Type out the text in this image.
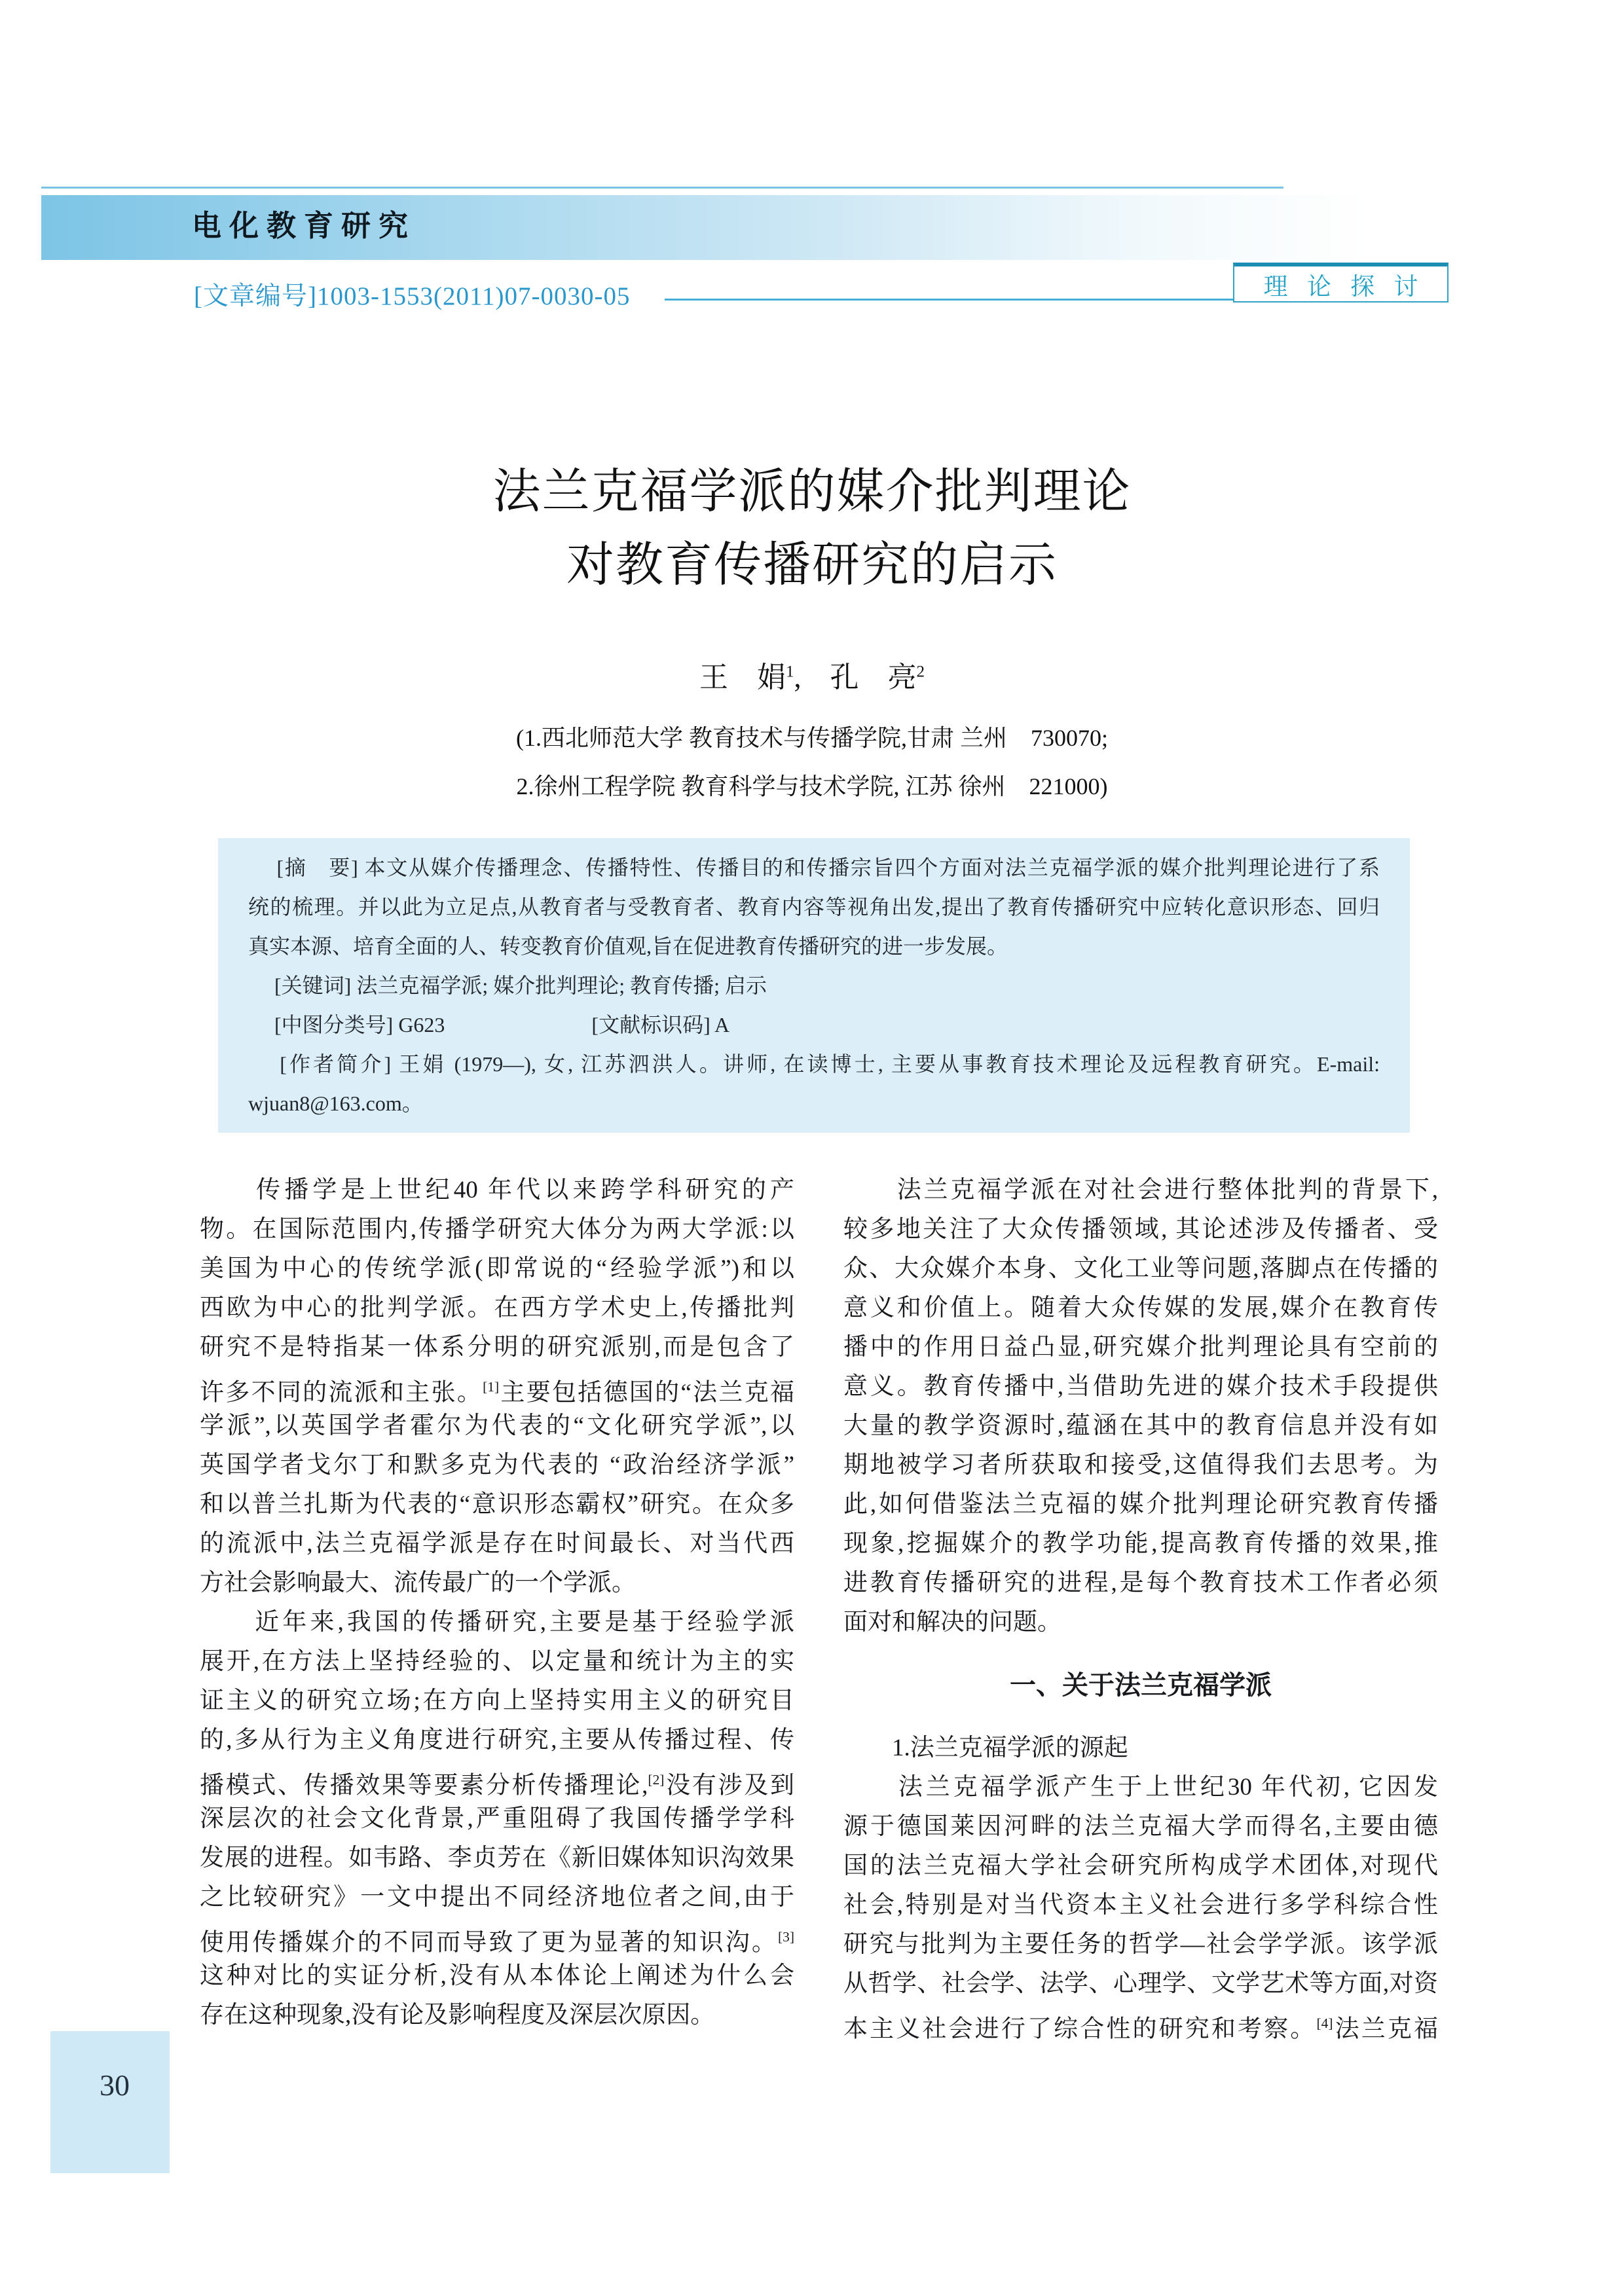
电化教育研究
[文章编号]1003-1553(2011)07-0030-05	理 论 探 讨
法兰克福学派的媒介批判理论
对教育传播研究的启示
王　娟$^1$,　孔　亮$^2$
(1.西北师范大学 教育技术与传播学院,甘肃 兰州　730070;
2.徐州工程学院 教育科学与技术学院, 江苏 徐州　221000)
　 [摘　要] 本文从媒介传播理念、传播特性、传播目的和传播宗旨四个方面对法兰克福学派的媒介批判理论进行了系
统的梳理。并以此为立足点,从教育者与受教育者、教育内容等视角出发,提出了教育传播研究中应转化意识形态、回归
真实本源、培育全面的人、转变教育价值观,旨在促进教育传播研究的进一步发展。
　 [关键词] 法兰克福学派; 媒介批判理论; 教育传播; 启示
　 [中图分类号] G623　　　　　　　[文献标识码] A
　 [作者简介] 王娟 (1979—), 女, 江苏泗洪人。讲师, 在读博士, 主要从事教育技术理论及远程教育研究。E-mail:
wjuan8@163.com。
　　传播学是上世纪40 年代以来跨学科研究的产
物。在国际范围内,传播学研究大体分为两大学派:以
美国为中心的传统学派(即常说的“经验学派”)和以
西欧为中心的批判学派。在西方学术史上,传播批判
研究不是特指某一体系分明的研究派别,而是包含了
许多不同的流派和主张。[1]主要包括德国的“法兰克福
学派”,以英国学者霍尔为代表的“文化研究学派”,以
英国学者戈尔丁和默多克为代表的 “政治经济学派”
和以普兰扎斯为代表的“意识形态霸权”研究。在众多
的流派中,法兰克福学派是存在时间最长、对当代西
方社会影响最大、流传最广的一个学派。
　　近年来,我国的传播研究,主要是基于经验学派
展开,在方法上坚持经验的、以定量和统计为主的实
证主义的研究立场;在方向上坚持实用主义的研究目
的,多从行为主义角度进行研究,主要从传播过程、传
播模式、传播效果等要素分析传播理论,[2]没有涉及到
深层次的社会文化背景,严重阻碍了我国传播学学科
发展的进程。如韦路、李贞芳在《新旧媒体知识沟效果
之比较研究》一文中提出不同经济地位者之间,由于
使用传播媒介的不同而导致了更为显著的知识沟。[3]
这种对比的实证分析,没有从本体论上阐述为什么会
存在这种现象,没有论及影响程度及深层次原因。
　　法兰克福学派在对社会进行整体批判的背景下,
较多地关注了大众传播领域, 其论述涉及传播者、受
众、大众媒介本身、文化工业等问题,落脚点在传播的
意义和价值上。随着大众传媒的发展,媒介在教育传
播中的作用日益凸显,研究媒介批判理论具有空前的
意义。教育传播中,当借助先进的媒介技术手段提供
大量的教学资源时,蕴涵在其中的教育信息并没有如
期地被学习者所获取和接受,这值得我们去思考。为
此,如何借鉴法兰克福的媒介批判理论研究教育传播
现象,挖掘媒介的教学功能,提高教育传播的效果,推
进教育传播研究的进程,是每个教育技术工作者必须
面对和解决的问题。
一、关于法兰克福学派
　　1.法兰克福学派的源起
　　法兰克福学派产生于上世纪30 年代初, 它因发
源于德国莱因河畔的法兰克福大学而得名,主要由德
国的法兰克福大学社会研究所构成学术团体,对现代
社会,特别是对当代资本主义社会进行多学科综合性
研究与批判为主要任务的哲学—社会学学派。该学派
从哲学、社会学、法学、心理学、文学艺术等方面,对资
本主义社会进行了综合性的研究和考察。[4]法兰克福
30
